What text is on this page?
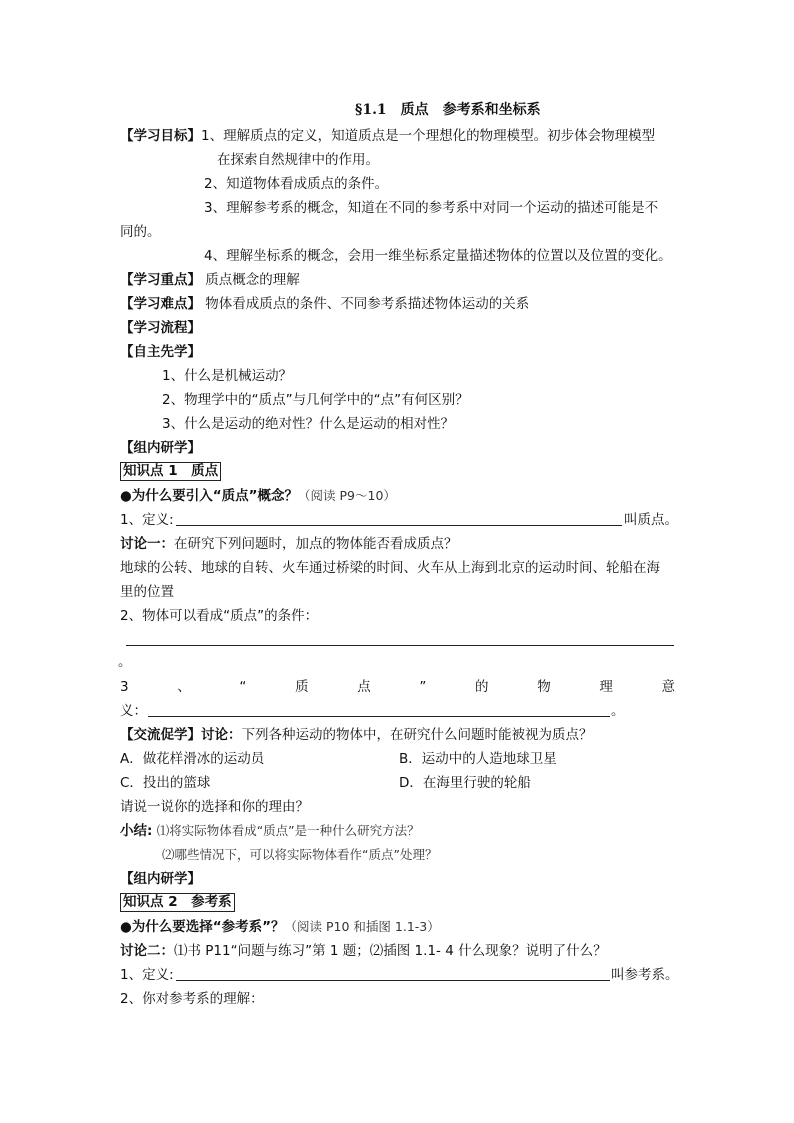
§1.1　质点　参考系和坐标系
【学习目标】1、理解质点的定义，知道质点是一个理想化的物理模型。初步体会物理模型
在探索自然规律中的作用。
2、知道物体看成质点的条件。
3、理解参考系的概念，知道在不同的参考系中对同一个运动的描述可能是不
同的。
4、理解坐标系的概念，会用一维坐标系定量描述物体的位置以及位置的变化。
【学习重点】 质点概念的理解
【学习难点】 物体看成质点的条件、不同参考系描述物体运动的关系
【学习流程】
【自主先学】
1、什么是机械运动？
2、物理学中的“质点”与几何学中的“点”有何区别？
3、什么是运动的绝对性？什么是运动的相对性？
【组内研学】
知识点 1　质点
●为什么要引入“质点”概念？（阅读 P9～10）
1、定义:	叫质点。
讨论一：在研究下列问题时，加点的物体能否看成质点？
地球的公转、地球的自转、火车通过桥梁的时间、火车从上海到北京的运动时间、轮船在海
里的位置
2、物体可以看成“质点”的条件：
。
3	、	“	质	点	”	的	物	理	意
义：	。
【交流促学】讨论：下列各种运动的物体中，在研究什么问题时能被视为质点？
A．做花样滑冰的运动员	B．运动中的人造地球卫星
C．投出的篮球	D．在海里行驶的轮船
请说一说你的选择和你的理由？
小结: ⑴将实际物体看成“质点”是一种什么研究方法？
⑵哪些情况下，可以将实际物体看作“质点”处理？
【组内研学】
知识点 2　参考系
●为什么要选择“参考系”？（阅读 P10 和插图 1.1-3）
讨论二：⑴书 P11“问题与练习”第 1 题；⑵插图 1.1- 4 什么现象？说明了什么？
1、定义:	叫参考系。
2、你对参考系的理解：
